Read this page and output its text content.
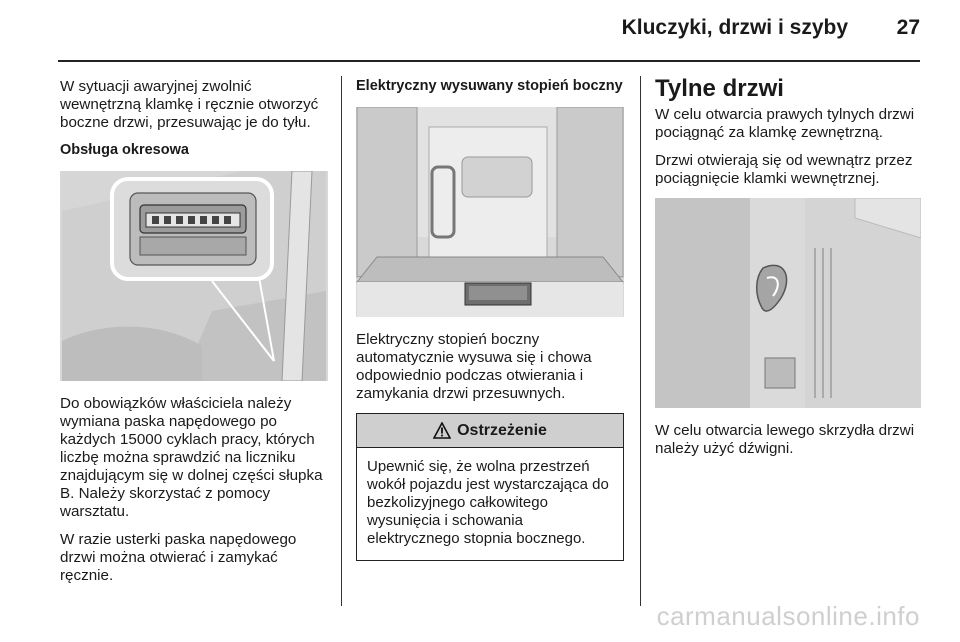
Kluczyki, drzwi i szyby 27

W sytuacji awaryjnej zwolnić wewnętrzną klamkę i ręcznie otworzyć boczne drzwi, przesuwając je do tyłu.

Obsługa okresowa

Do obowiązków właściciela należy wymiana paska napędowego po każdych 15000 cyklach pracy, których liczbę można sprawdzić na liczniku znajdującym się w dolnej części słupka B. Należy skorzystać z pomocy warsztatu.

W razie usterki paska napędowego drzwi można otwierać i zamykać ręcznie.

Elektryczny wysuwany stopień boczny

Elektryczny stopień boczny automatycznie wysuwa się i chowa odpowiednio podczas otwierania i zamykania drzwi przesuwnych.

Ostrzeżenie
Upewnić się, że wolna przestrzeń wokół pojazdu jest wystarczająca do bezkolizyjnego całkowitego wysunięcia i schowania elektrycznego stopnia bocznego.
Tylne drzwi

W celu otwarcia prawych tylnych drzwi pociągnąć za klamkę zewnętrzną.

Drzwi otwierają się od wewnątrz przez pociągnięcie klamki wewnętrznej.

W celu otwarcia lewego skrzydła drzwi należy użyć dźwigni.

carmanualsonline.info
